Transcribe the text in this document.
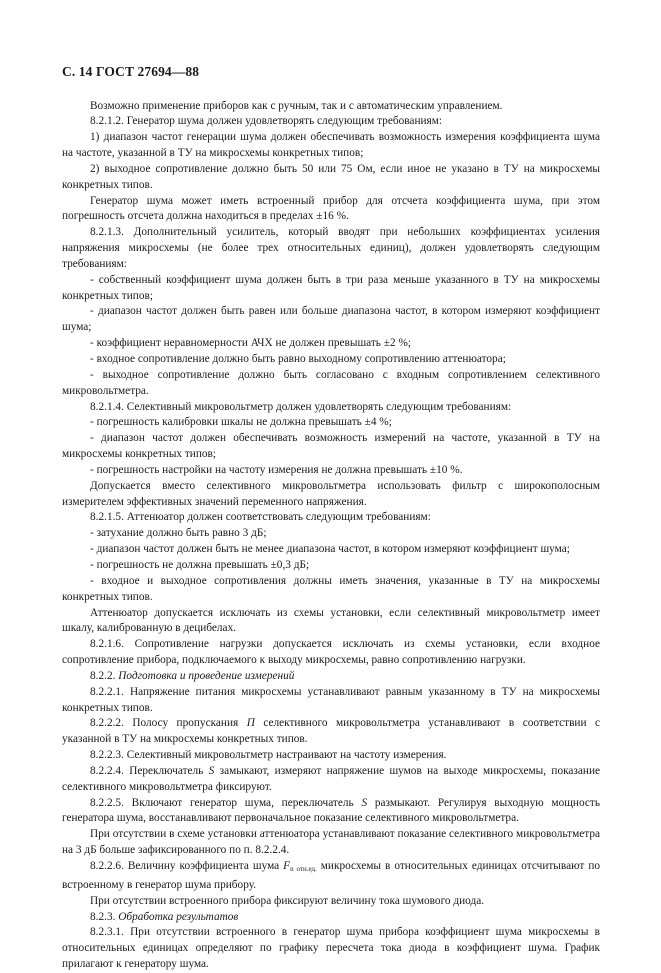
С. 14 ГОСТ 27694—88

Возможно применение приборов как с ручным, так и с автоматическим управлением.

8.2.1.2. Генератор шума должен удовлетворять следующим требованиям:

1) диапазон частот генерации шума должен обеспечивать возможность измерения коэффициента шума на частоте, указанной в ТУ на микросхемы конкретных типов;

2) выходное сопротивление должно быть 50 или 75 Ом, если иное не указано в ТУ на микросхемы конкретных типов.

Генератор шума может иметь встроенный прибор для отсчета коэффициента шума, при этом погрешность отсчета должна находиться в пределах ±16 %.

8.2.1.3. Дополнительный усилитель, который вводят при небольших коэффициентах усиления напряжения микросхемы (не более трех относительных единиц), должен удовлетворять следующим требованиям:

- собственный коэффициент шума должен быть в три раза меньше указанного в ТУ на микросхемы конкретных типов;

- диапазон частот должен быть равен или больше диапазона частот, в котором измеряют коэффициент шума;

- коэффициент неравномерности АЧХ не должен превышать ±2 %;

- входное сопротивление должно быть равно выходному сопротивлению аттенюатора;

- выходное сопротивление должно быть согласовано с входным сопротивлением селективного микровольтметра.

8.2.1.4. Селективный микровольтметр должен удовлетворять следующим требованиям:

- погрешность калибровки шкалы не должна превышать ±4 %;

- диапазон частот должен обеспечивать возможность измерений на частоте, указанной в ТУ на микросхемы конкретных типов;

- погрешность настройки на частоту измерения не должна превышать ±10 %.

Допускается вместо селективного микровольтметра использовать фильтр с широкополосным измерителем эффективных значений переменного напряжения.

8.2.1.5. Аттенюатор должен соответствовать следующим требованиям:

- затухание должно быть равно 3 дБ;

- диапазон частот должен быть не менее диапазона частот, в котором измеряют коэффициент шума;

- погрешность не должна превышать ±0,3 дБ;

- входное и выходное сопротивления должны иметь значения, указанные в ТУ на микросхемы конкретных типов.

Аттенюатор допускается исключать из схемы установки, если селективный микровольтметр имеет шкалу, калиброванную в децибелах.

8.2.1.6. Сопротивление нагрузки допускается исключать из схемы установки, если входное сопротивление прибора, подключаемого к выходу микросхемы, равно сопротивлению нагрузки.

8.2.2. Подготовка и проведение измерений

8.2.2.1. Напряжение питания микросхемы устанавливают равным указанному в ТУ на микросхемы конкретных типов.

8.2.2.2. Полосу пропускания П селективного микровольтметра устанавливают в соответствии с указанной в ТУ на микросхемы конкретных типов.

8.2.2.3. Селективный микровольтметр настраивают на частоту измерения.

8.2.2.4. Переключатель S замыкают, измеряют напряжение шумов на выходе микросхемы, показание селективного микровольтметра фиксируют.

8.2.2.5. Включают генератор шума, переключатель S размыкают. Регулируя выходную мощность генератора шума, восстанавливают первоначальное показание селективного микровольтметра.

При отсутствии в схеме установки аттенюатора устанавливают показание селективного микровольтметра на 3 дБ больше зафиксированного по п. 8.2.2.4.

8.2.2.6. Величину коэффициента шума $F_{n отн.ед.}$ микросхемы в относительных единицах отсчитывают по встроенному в генератор шума прибору.

При отсутствии встроенного прибора фиксируют величину тока шумового диода.

8.2.3. Обработка результатов

8.2.3.1. При отсутствии встроенного в генератор шума прибора коэффициент шума микросхемы в относительных единицах определяют по графику пересчета тока диода в коэффициент шума. График прилагают к генератору шума.
